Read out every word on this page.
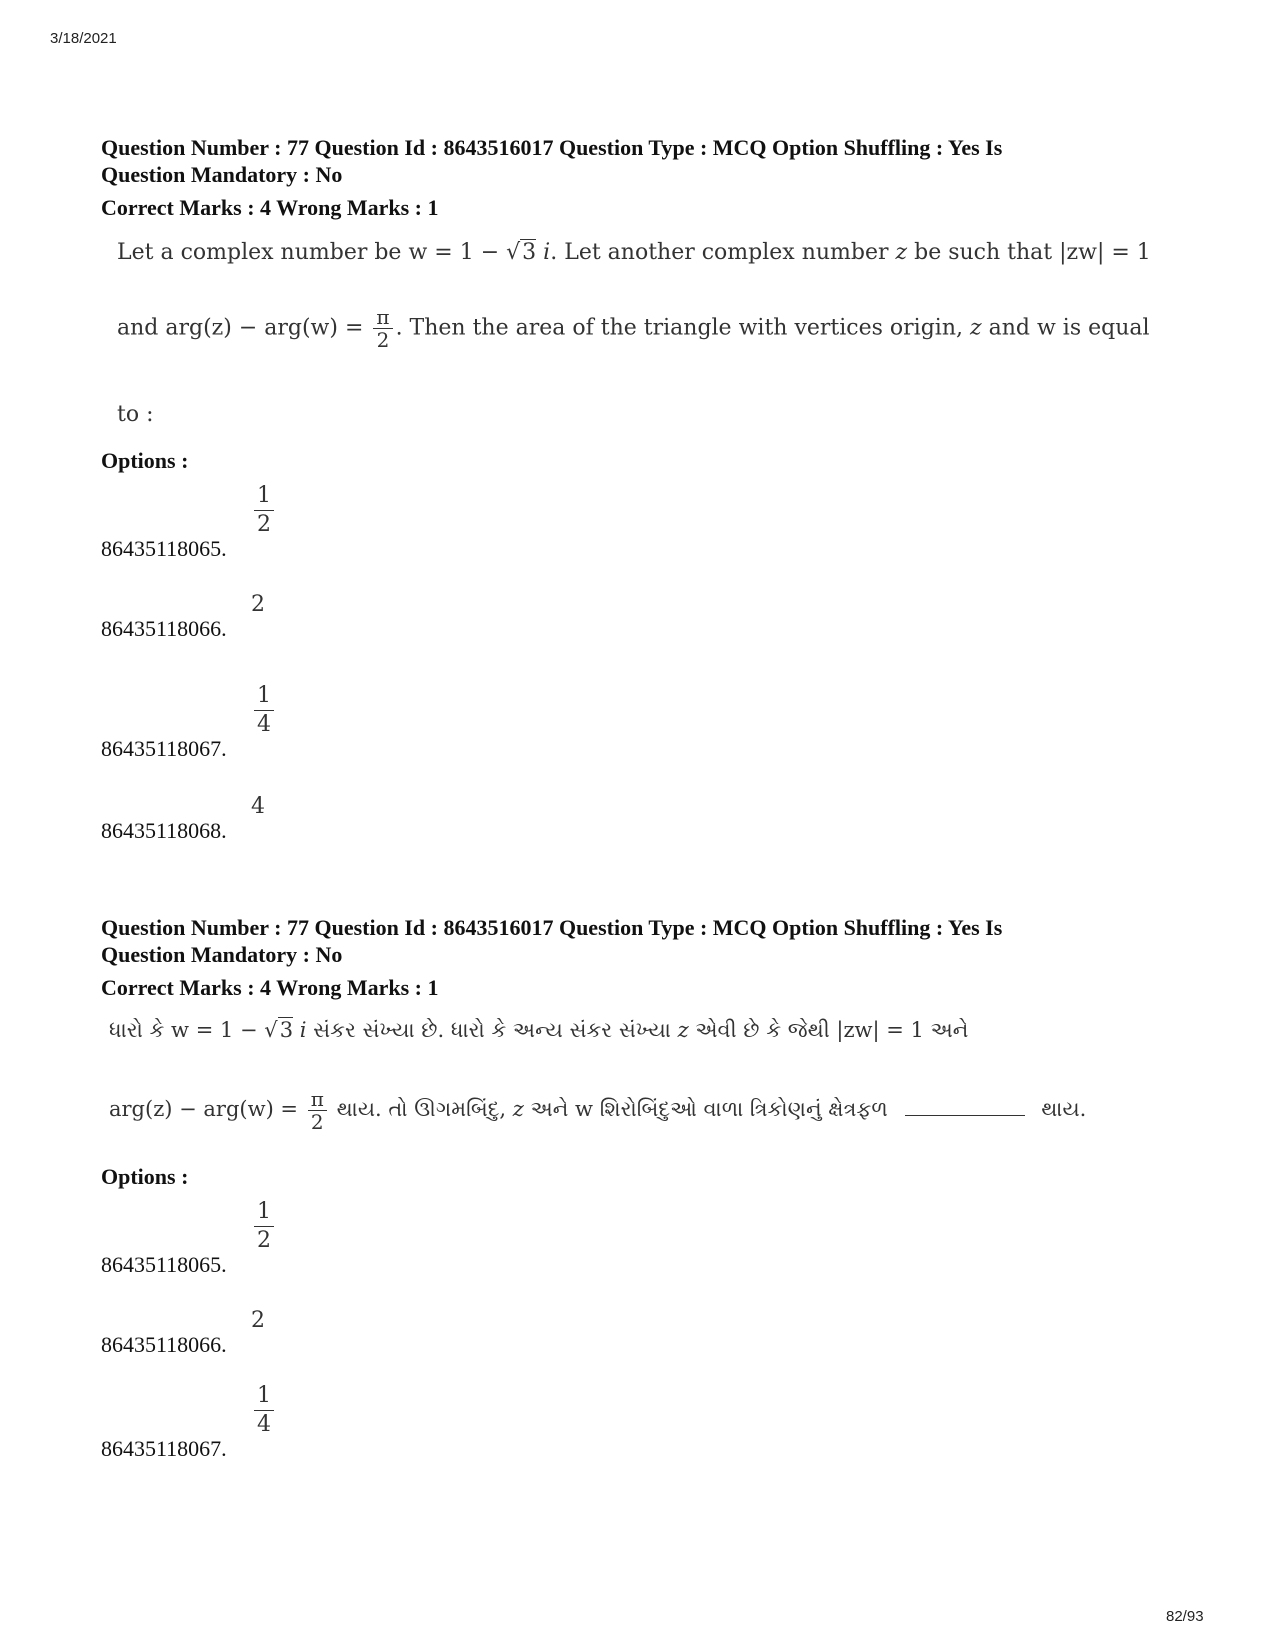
3/18/2021
Question Number : 77 Question Id : 8643516017 Question Type : MCQ Option Shuffling : Yes Is
Question Mandatory : No
Correct Marks : 4 Wrong Marks : 1
Let a complex number be w = 1 − √3 i. Let another complex number z be such that |zw| = 1
and $arg(z) - arg(w) = \frac{\pi}{2}$ . Then the area of the triangle with vertices origin, z and w is equal
to :
Options :
86435118065.
$\frac{1}{2}$
86435118066.
2
86435118067.
$\frac{1}{4}$
86435118068.
4
Question Number : 77 Question Id : 8643516017 Question Type : MCQ Option Shuffling : Yes Is
Question Mandatory : No
Correct Marks : 4 Wrong Marks : 1
ધારો કે w = 1 − √3 i સંકર સંખ્યા છે. ધારો કે અન્ય સંકર સંખ્યા z એવી છે કે જેથી |zw| = 1 અને
$arg(z) - arg(w) = \frac{\pi}{2}$ થાય. તો ઊગમબિંદુ, z અને w શિરોબિંદુઓ વાળા ત્રિકોણનું ક્ષેત્રફળ	થાય.
Options :
86435118065.
$\frac{1}{2}$
86435118066.
2
86435118067.
$\frac{1}{4}$
82/93
